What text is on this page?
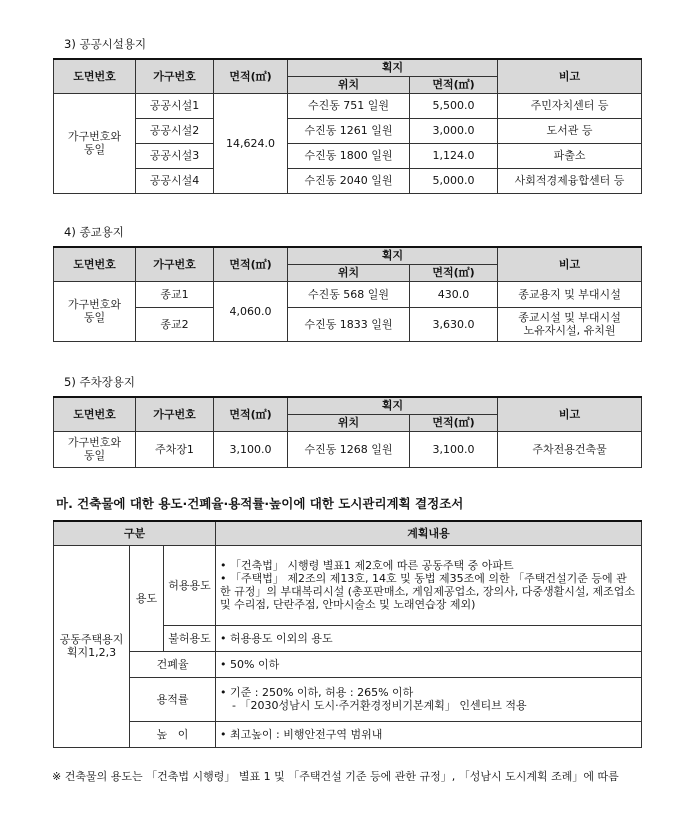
3) 공공시설용지
도면번호	가구번호	면적(㎡)	획지		비고
			위치	면적(㎡)	
가구번호와
동일	공공시설1	14,624.0	수진동 751 일원	5,500.0	주민자치센터 등
	공공시설2		수진동 1261 일원	3,000.0	도서관 등
	공공시설3		수진동 1800 일원	1,124.0	파출소
	공공시설4		수진동 2040 일원	5,000.0	사회적경제융합센터 등
4) 종교용지
도면번호	가구번호	면적(㎡)	획지		비고
			위치	면적(㎡)	
가구번호와
동일	종교1	4,060.0	수진동 568 일원	430.0	종교용지 및 부대시설
	종교2		수진동 1833 일원	3,630.0	종교시설 및 부대시설
노유자시설, 유치원
5) 주차장용지
도면번호	가구번호	면적(㎡)	획지		비고
			위치	면적(㎡)	
가구번호와
동일	주차장1	3,100.0	수진동 1268 일원	3,100.0	주차전용건축물
마. 건축물에 대한 용도·건폐율·용적률·높이에 대한 도시관리계획 결정조서
구분			계획내용
공동주택용지
획지1,2,3	용도	허용용도	• 「건축법」 시행령 별표1 제2호에 따른 공동주택 중 아파트
• 「주택법」 제2조의 제13호, 14호 및 동법 제35조에 의한 「주택건설기준 등에 관한 규정」의 부대복리시설 (총포판매소, 게임제공업소, 장의사, 다중생활시설, 제조업소 및 수리점, 단란주점, 안마시술소 및 노래연습장 제외)

		불허용도	• 허용용도 이외의 용도
	건폐율		• 50% 이하
	용적률		• 기준 : 250% 이하, 허용 : 265% 이하
- 「2030성남시 도시·주거환경정비기본계획」 인센티브 적용

	높   이		• 최고높이 : 비행안전구역 범위내
※ 건축물의 용도는 「건축법 시행령」 별표 1 및 「주택건설 기준 등에 관한 규정」, 「성남시 도시계획 조례」에 따름
